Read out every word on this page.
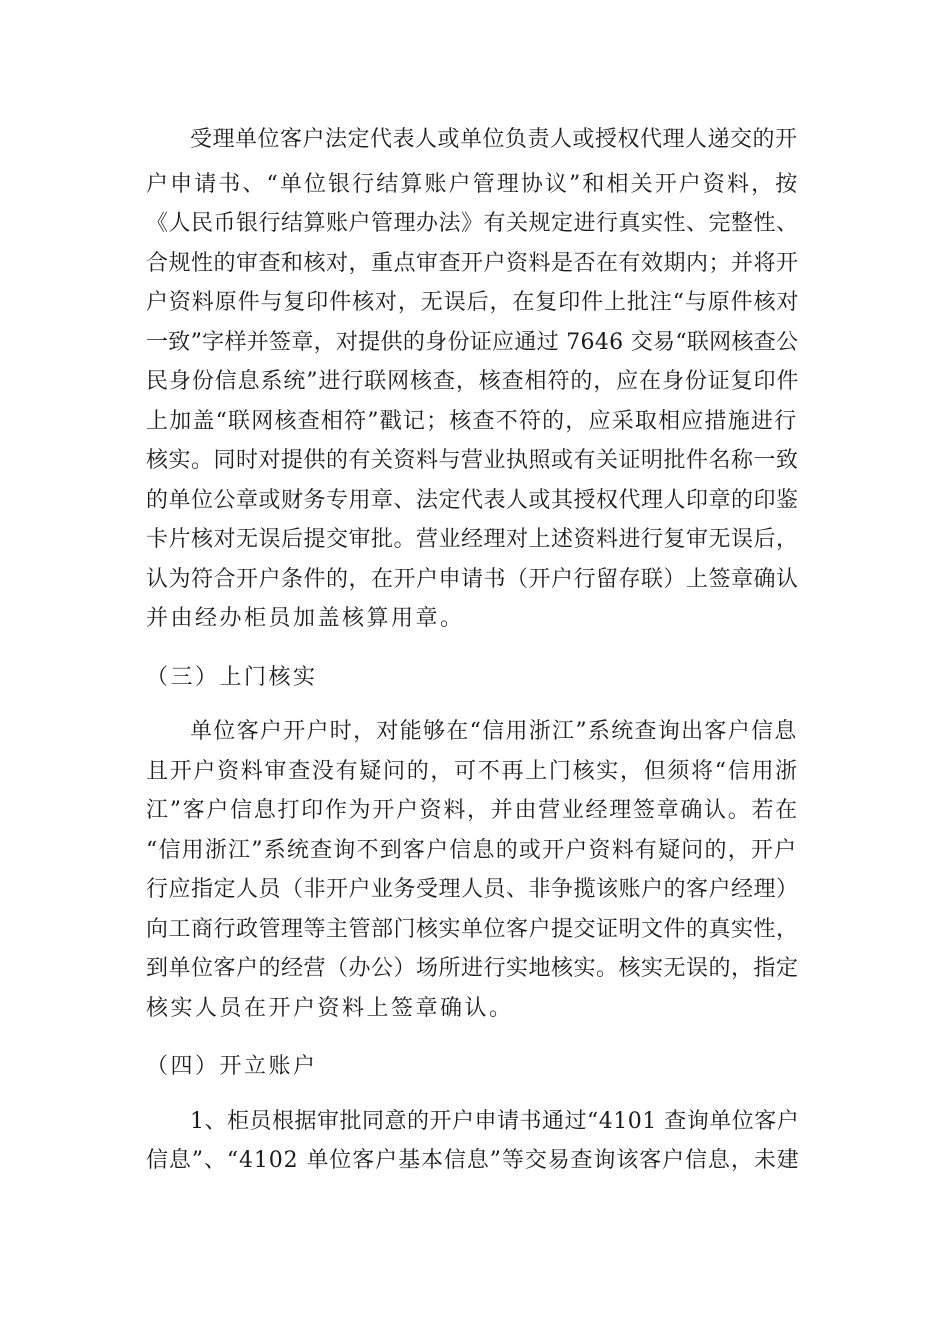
受理单位客户法定代表人或单位负责人或授权代理人递交的开
户申请书、“单位银行结算账户管理协议”和相关开户资料，按
《人民币银行结算账户管理办法》有关规定进行真实性、完整性、
合规性的审查和核对，重点审查开户资料是否在有效期内；并将开
户资料原件与复印件核对，无误后，在复印件上批注“与原件核对
一致”字样并签章，对提供的身份证应通过 7646 交易“联网核查公
民身份信息系统”进行联网核查，核查相符的，应在身份证复印件
上加盖“联网核查相符”戳记；核查不符的，应采取相应措施进行
核实。同时对提供的有关资料与营业执照或有关证明批件名称一致
的单位公章或财务专用章、法定代表人或其授权代理人印章的印鉴
卡片核对无误后提交审批。营业经理对上述资料进行复审无误后，
认为符合开户条件的，在开户申请书（开户行留存联）上签章确认
并由经办柜员加盖核算用章。
（三）上门核实
单位客户开户时，对能够在“信用浙江”系统查询出客户信息
且开户资料审查没有疑问的，可不再上门核实，但须将“信用浙
江”客户信息打印作为开户资料，并由营业经理签章确认。若在
“信用浙江”系统查询不到客户信息的或开户资料有疑问的，开户
行应指定人员（非开户业务受理人员、非争揽该账户的客户经理）
向工商行政管理等主管部门核实单位客户提交证明文件的真实性，
到单位客户的经营（办公）场所进行实地核实。核实无误的，指定
核实人员在开户资料上签章确认。
（四）开立账户
1、柜员根据审批同意的开户申请书通过“4101 查询单位客户
信息”、“4102 单位客户基本信息”等交易查询该客户信息，未建
